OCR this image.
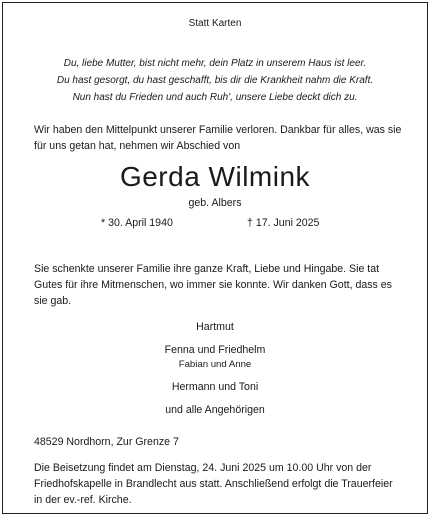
Statt Karten
Du, liebe Mutter, bist nicht mehr, dein Platz in unserem Haus ist leer.
Du hast gesorgt, du hast geschafft, bis dir die Krankheit nahm die Kraft.
Nun hast du Frieden und auch Ruh', unsere Liebe deckt dich zu.
Wir haben den Mittelpunkt unserer Familie verloren. Dankbar für alles, was sie für uns getan hat, nehmen wir Abschied von
Gerda Wilmink
geb. Albers
* 30. April 1940	† 17. Juni 2025
Sie schenkte unserer Familie ihre ganze Kraft, Liebe und Hingabe. Sie tat Gutes für ihre Mitmenschen, wo immer sie konnte. Wir danken Gott, dass es sie gab.
Hartmut
Fenna und Friedhelm
Fabian und Anne
Hermann und Toni
und alle Angehörigen
48529 Nordhorn, Zur Grenze 7
Die Beisetzung findet am Dienstag, 24. Juni 2025 um 10.00 Uhr von der Friedhofskapelle in Brandlecht aus statt. Anschließend erfolgt die Trauerfeier in der ev.-ref. Kirche.
